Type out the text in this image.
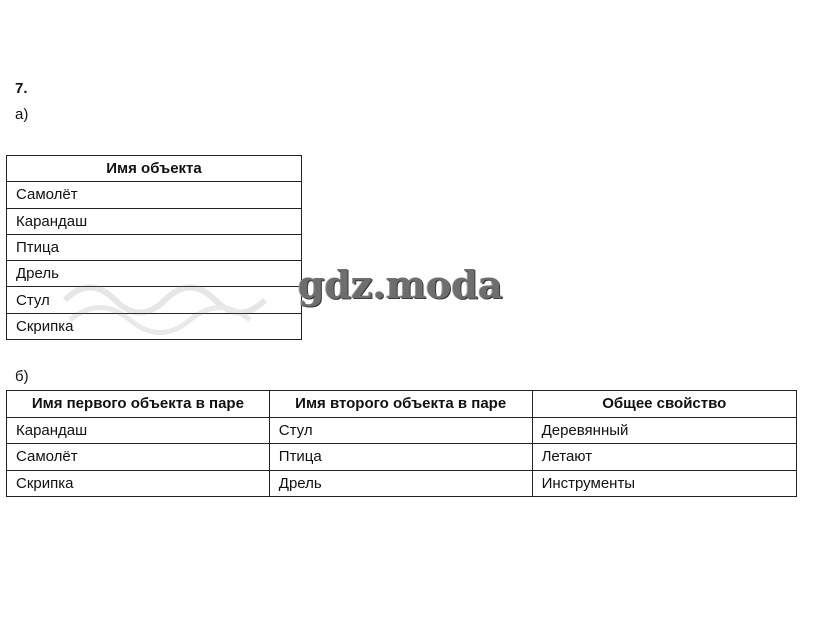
7.
а)
Имя объекта
Самолёт
Карандаш
Птица
Дрель
Стул
Скрипка
gdz.moda
б)
Имя первого объекта в паре	Имя второго объекта в паре	Общее свойство
Карандаш	Стул	Деревянный
Самолёт	Птица	Летают
Скрипка	Дрель	Инструменты
